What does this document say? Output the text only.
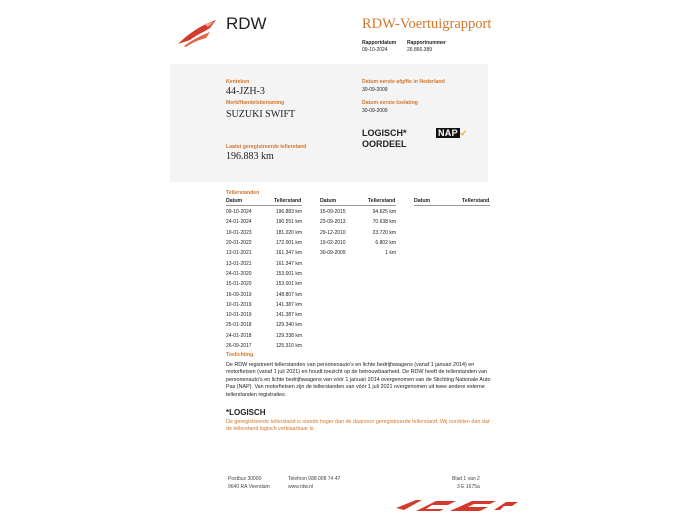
RDW	RDW-Voertuigrapport
Rapportdatum
09-10-2024
Rapportnummer
26.866.389
Kenteken
44-JZH-3
Merk/Handelsbenaming
SUZUKI SWIFT
Datum eerste afgifte in Nederland
30-09-2009
Datum eerste toelating
30-09-2009
LOGISCH*
OORDEEL
NAP
Laatst geregistreerde tellerstand
196.883 km
Tellerstanden
Datum	Tellerstand	Datum	Tellerstand	Datum	Tellerstand
09-10-2024	196.883 km
24-01-2024	190.551 km
19-01-2023	181.020 km
20-01-2022	172.001 km
13-01-2021	161.347 km
13-01-2021	161.347 km
24-01-2020	153.001 km
15-01-2020	153.001 km
16-09-2019	148.807 km
10-01-2019	141.387 km
10-01-2019	141.387 km
25-01-2018	129.340 km
24-01-2018	129.338 km
26-09-2017	125.310 km
15-09-2015	94.625 km
23-09-2013	70.638 km
29-12-2010	23.720 km
19-02-2010	6.802 km
30-09-2009	1 km
Toelichting
De RDW registreert tellerstanden van personenauto's en lichte bedrijfswagens (vanaf 1 januari 2014) en motorfietsen (vanaf 1 juli 2021) en houdt toezicht op de betrouwbaarheid. De RDW heeft de tellerstanden van personenauto's en lichte bedrijfswagens van vóór 1 januari 2014 overgenomen van de Stichting Nationale Auto Pas (NAP). Van motorfietsen zijn de tellerstanden van vóór 1 juli 2021 overgenomen uit twee andere externe tellerstanden registraties.
*LOGISCH
De geregistreerde tellerstand is steeds hoger dan de daarvoor geregistreerde tellerstand. Wij oordelen dan dat de tellerstand logisch verklaarbaar is.
Postbus 30000
9640 RA Veendam
Telefoon 088 008 74 47
www.rdw.nl
Blad 1 van 2
3 E 1675a
